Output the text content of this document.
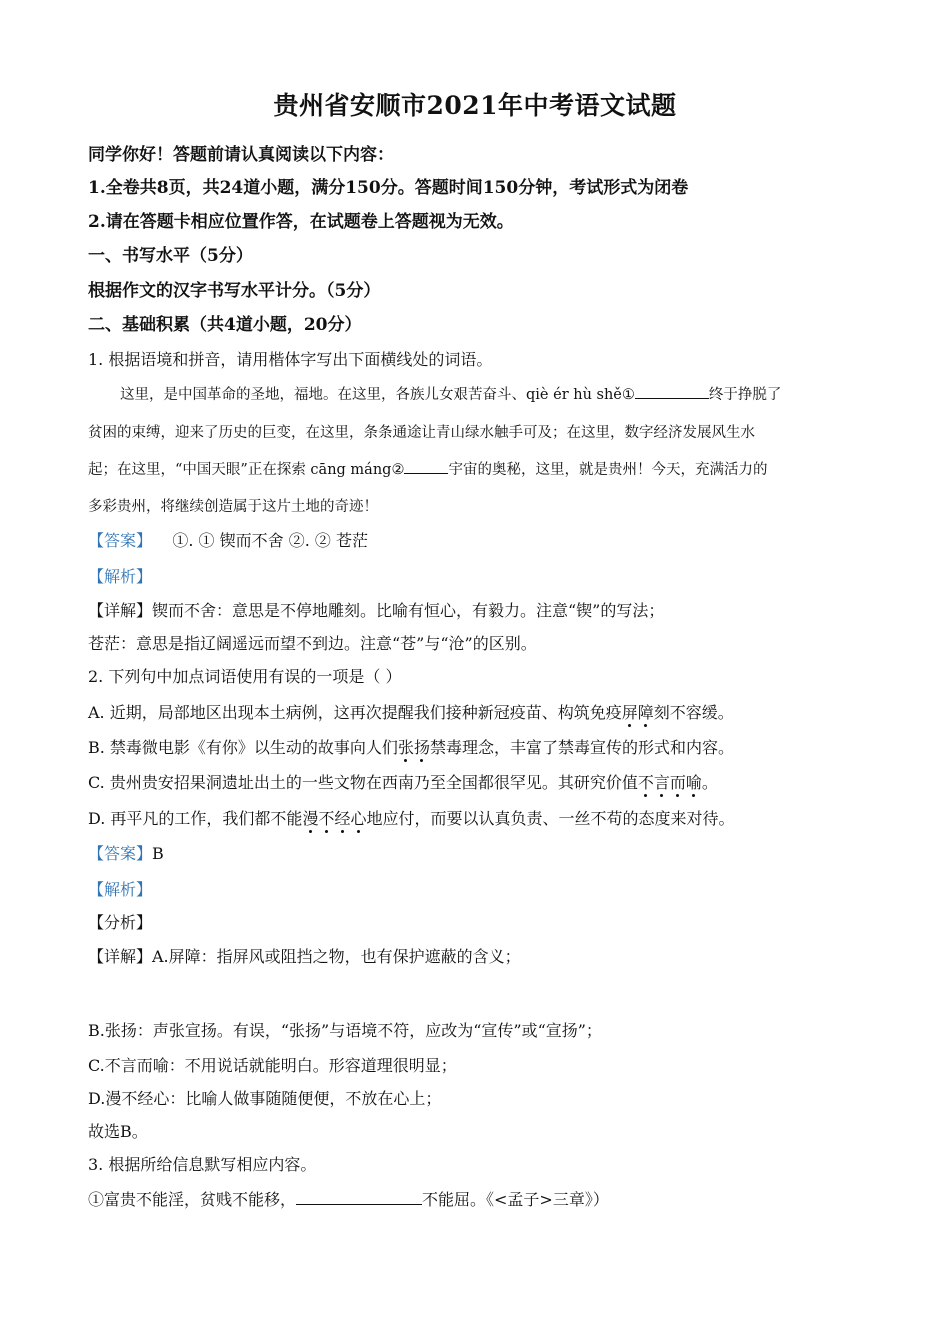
贵州省安顺市2021年中考语文试题
同学你好！答题前请认真阅读以下内容：
1.全卷共8页，共24道小题，满分150分。答题时间150分钟，考试形式为闭卷
2.请在答题卡相应位置作答，在试题卷上答题视为无效。
一、书写水平（5分）
根据作文的汉字书写水平计分。（5分）
二、基础积累（共4道小题，20分）
1. 根据语境和拼音，请用楷体字写出下面横线处的词语。
这里，是中国革命的圣地，福地。在这里，各族儿女艰苦奋斗、qiè ér hù shě①	终于挣脱了
贫困的束缚，迎来了历史的巨变，在这里，条条通途让青山绿水触手可及；在这里，数字经济发展风生水
起；在这里，“中国天眼”正在探索 cāng máng②	宇宙的奥秘，这里，就是贵州！今天，充满活力的
多彩贵州，将继续创造属于这片土地的奇迹！
【答案】 ①. ① 锲而不舍 ②. ② 苍茫
【解析】
【详解】锲而不舍：意思是不停地雕刻。比喻有恒心，有毅力。注意“锲”的写法；
苍茫：意思是指辽阔遥远而望不到边。注意“苍”与“沧”的区别。
2. 下列句中加点词语使用有误的一项是（ ）
A. 近期，局部地区出现本土病例，这再次提醒我们接种新冠疫苗、构筑免疫屏障刻不容缓。
B. 禁毒微电影《有你》以生动的故事向人们张扬禁毒理念，丰富了禁毒宣传的形式和内容。
C. 贵州贵安招果洞遗址出土的一些文物在西南乃至全国都很罕见。其研究价值不言而喻。
D. 再平凡的工作，我们都不能漫不经心地应付，而要以认真负责、一丝不苟的态度来对待。
【答案】B
【解析】
【分析】
【详解】A.屏障：指屏风或阻挡之物，也有保护遮蔽的含义；
B.张扬：声张宣扬。有误，“张扬”与语境不符，应改为“宣传”或“宣扬”；
C.不言而喻：不用说话就能明白。形容道理很明显；
D.漫不经心：比喻人做事随随便便，不放在心上；
故选B。
3. 根据所给信息默写相应内容。
①富贵不能淫，贫贱不能移，	不能屈。《<孟子>三章》）
